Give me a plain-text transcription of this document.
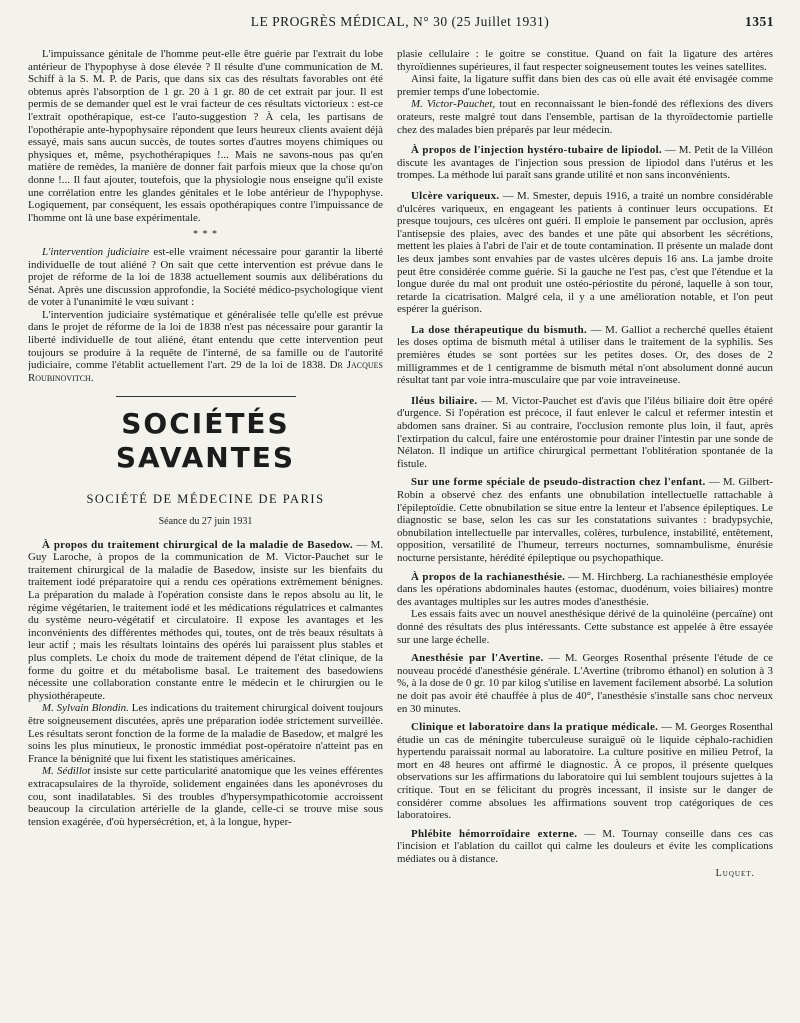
LE PROGRÈS MÉDICAL, N° 30 (25 Juillet 1931)	1351

L'impuissance génitale de l'homme peut-elle être guérie par l'extrait du lobe antérieur de l'hypophyse à dose élevée ? Il résulte d'une communication de M. Schiff à la S. M. P. de Paris, que dans six cas des résultats favorables ont été obtenus après l'absorption de 1 gr. 20 à 1 gr. 80 de cet extrait par jour. Il est permis de se demander quel est le vrai facteur de ces résultats victorieux : est-ce l'extrait opothérapique, est-ce l'auto-suggestion ? À cela, les partisans de l'opothérapie ante-hypophysaire répondent que leurs heureux clients avaient déjà essayé, mais sans aucun succès, de toutes sortes d'autres moyens chimiques ou physiques et, même, psychothérapiques !... Mais ne savons-nous pas qu'en matière de remèdes, la manière de donner fait parfois mieux que la chose qu'on donne !... Il faut ajouter, toutefois, que la physiologie nous enseigne qu'il existe une corrélation entre les glandes génitales et le lobe antérieur de l'hypophyse. Logiquement, par conséquent, les essais opothérapiques contre l'impuissance de l'homme ont là une base expérimentale.

* * *

L'intervention judiciaire est-elle vraiment nécessaire pour garantir la liberté individuelle de tout aliéné ? On sait que cette intervention est prévue dans le projet de réforme de la loi de 1838 actuellement soumis aux délibérations du Sénat. Après une discussion approfondie, la Société médico-psychologique vient de voter à l'unanimité le vœu suivant :

L'intervention judiciaire systématique et généralisée telle qu'elle est prévue dans le projet de réforme de la loi de 1838 n'est pas nécessaire pour garantir la liberté individuelle de tout aliéné, étant entendu que cette intervention peut toujours se produire à la requête de l'interné, de sa famille ou de l'autorité judiciaire, comme l'établit actuellement l'art. 29 de la loi de 1838. Dr Jacques Roubinovitch.

SOCIÉTÉS SAVANTES
SOCIÉTÉ DE MÉDECINE DE PARIS
Séance du 27 juin 1931

À propos du traitement chirurgical de la maladie de Basedow. — M. Guy Laroche, à propos de la communication de M. Victor-Pauchet sur le traitement chirurgical de la maladie de Basedow, insiste sur les bienfaits du traitement iodé préparatoire qui a rendu ces opérations extrêmement bénignes. La préparation du malade à l'opération consiste dans le repos absolu au lit, le régime végétarien, le traitement iodé et les médications régulatrices et calmantes du système neuro-végétatif et circulatoire. Il expose les avantages et les inconvénients des différentes méthodes qui, toutes, ont de très beaux résultats à leur actif ; mais les résultats lointains des opérés lui paraissent plus stables et plus complets. Le choix du mode de traitement dépend de l'état clinique, de la forme du goitre et du métabolisme basal. Le traitement des basedowiens nécessite une collaboration constante entre le médecin et le chirurgien ou le physiothérapeute.

M. Sylvain Blondin. Les indications du traitement chirurgical doivent toujours être soigneusement discutées, après une préparation iodée strictement surveillée. Les résultats seront fonction de la forme de la maladie de Basedow, et malgré les soins les plus minutieux, le pronostic immédiat post-opératoire n'atteint pas en France la bénignité que lui fixent les statistiques américaines.

M. Sédillot insiste sur cette particularité anatomique que les veines efférentes extracapsulaires de la thyroïde, solidement engainées dans les aponévroses du cou, sont inadilatables. Si des troubles d'hypersympathicotomie accroissent beaucoup la circulation artérielle de la glande, celle-ci se trouve mise sous tension exagérée, d'où hypersécrétion, et, à la longue, hyper-

plasie cellulaire : le goitre se constitue. Quand on fait la ligature des artères thyroïdiennes supérieures, il faut respecter soigneusement toutes les veines satellites.

Ainsi faite, la ligature suffit dans bien des cas où elle avait été envisagée comme premier temps d'une lobectomie.

M. Victor-Pauchet, tout en reconnaissant le bien-fondé des réflexions des divers orateurs, reste malgré tout dans l'ensemble, partisan de la thyroïdectomie partielle chez des malades bien préparés par leur médecin.

À propos de l'injection hystéro-tubaire de lipiodol. — M. Petit de la Villéon discute les avantages de l'injection sous pression de lipiodol dans l'utérus et les trompes. La méthode lui paraît sans grande utilité et non sans inconvénients.

Ulcère variqueux. — M. Smester, depuis 1916, a traité un nombre considérable d'ulcères variqueux, en engageant les patients à continuer leurs occupations. Et presque toujours, ces ulcères ont guéri. Il emploie le pansement par occlusion, après l'antisepsie des plaies, avec des bandes et une pâte qui absorbent les sécrétions, mettent les plaies à l'abri de l'air et de toute contamination. Il présente un malade dont les deux jambes sont envahies par de vastes ulcères depuis 16 ans. La jambe droite peut être considérée comme guérie. Si la gauche ne l'est pas, c'est que l'étendue et la longue durée du mal ont produit une ostéo-périostite du péroné, laquelle à son tour, retarde la cicatrisation. Malgré cela, il y a une amélioration notable, et l'on peut espérer la guérison.

La dose thérapeutique du bismuth. — M. Galliot a recherché quelles étaient les doses optima de bismuth métal à utiliser dans le traitement de la syphilis. Ses premières études se sont portées sur les petites doses. Or, des doses de 2 milligrammes et de 1 centigramme de bismuth métal n'ont absolument donné aucun résultat tant par voie intra-musculaire que par voie intraveineuse.

Iléus biliaire. — M. Victor-Pauchet est d'avis que l'iléus biliaire doit être opéré d'urgence. Si l'opération est précoce, il faut enlever le calcul et refermer intestin et abdomen sans drainer. Si au contraire, l'occlusion remonte plus loin, il faut, après l'extirpation du calcul, faire une entérostomie pour drainer l'intestin par une sonde de Nélaton. Il indique un artifice chirurgical permettant l'oblitération spontanée de la fistule.

Sur une forme spéciale de pseudo-distraction chez l'enfant. — M. Gilbert-Robin a observé chez des enfants une obnubilation intellectuelle rattachable à l'épileptoïdie. Cette obnubilation se situe entre la lenteur et l'absence épileptiques. Le diagnostic se base, selon les cas sur les constatations suivantes : bradypsychie, obnubilation intellectuelle par intervalles, colères, turbulence, instabilité, entêtement, opposition, versatilité de l'humeur, terreurs nocturnes, somnambulisme, énurésie nocturne persistante, hérédité épileptique ou psychopathique.

À propos de la rachianesthésie. — M. Hirchberg. La rachianesthésie employée dans les opérations abdominales hautes (estomac, duodénum, voies biliaires) montre des avantages multiples sur les autres modes d'anesthésie.

Les essais faits avec un nouvel anesthésique dérivé de la quinoléine (percaïne) ont donné des résultats des plus intéressants. Cette substance est appelée à être essayée sur une large échelle.

Anesthésie par l'Avertine. — M. Georges Rosenthal présente l'étude de ce nouveau procédé d'anesthésie générale. L'Avertine (tribromo éthanol) en solution à 3 %, à la dose de 0 gr. 10 par kilog s'utilise en lavement facilement absorbé. La solution ne doit pas avoir été chauffée à plus de 40°, l'anesthésie s'installe sans choc nerveux en 30 minutes.

Clinique et laboratoire dans la pratique médicale. — M. Georges Rosenthal étudie un cas de méningite tuberculeuse suraiguë où le liquide céphalo-rachidien hypertendu paraissait normal au laboratoire. La culture positive en milieu Petrof, la mort en 48 heures ont affirmé le diagnostic. À ce propos, il présente quelques observations sur les affirmations du laboratoire qui lui semblent toujours sujettes à la critique. Tout en se félicitant du progrès incessant, il insiste sur le danger de considérer comme absolues les affirmations souvent trop catégoriques de ces laboratoires.

Phlébite hémorroïdaire externe. — M. Tournay conseille dans ces cas l'incision et l'ablation du caillot qui calme les douleurs et évite les complications médiates ou à distance.

Luquet.
